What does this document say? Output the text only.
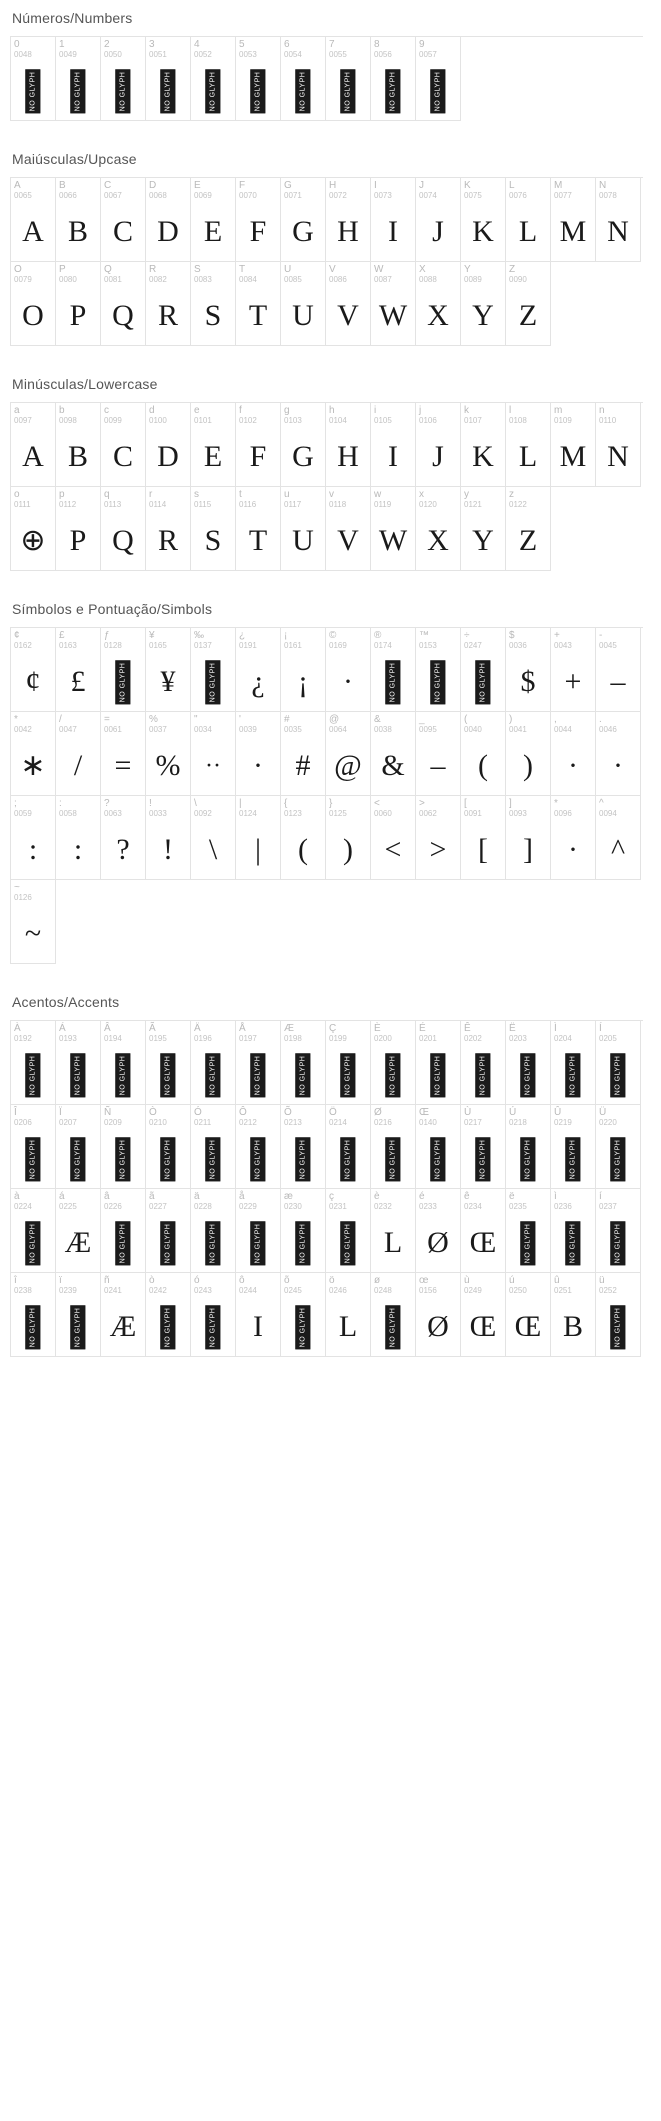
Números/Numbers
0
0048
NO GLYPH
1
0049
NO GLYPH
2
0050
NO GLYPH
3
0051
NO GLYPH
4
0052
NO GLYPH
5
0053
NO GLYPH
6
0054
NO GLYPH
7
0055
NO GLYPH
8
0056
NO GLYPH
9
0057
NO GLYPH
Maiúsculas/Upcase
A
0065
A
B
0066
B
C
0067
C
D
0068
D
E
0069
E
F
0070
F
G
0071
G
H
0072
H
I
0073
I
J
0074
J
K
0075
K
L
0076
L
M
0077
M
N
0078
N
O
0079
O
P
0080
P
Q
0081
Q
R
0082
R
S
0083
S
T
0084
T
U
0085
U
V
0086
V
W
0087
W
X
0088
X
Y
0089
Y
Z
0090
Z
Minúsculas/Lowercase
a
0097
A
b
0098
B
c
0099
C
d
0100
D
e
0101
E
f
0102
F
g
0103
G
h
0104
H
i
0105
I
j
0106
J
k
0107
K
l
0108
L
m
0109
M
n
0110
N
o
0111
⊕
p
0112
P
q
0113
Q
r
0114
R
s
0115
S
t
0116
T
u
0117
U
v
0118
V
w
0119
W
x
0120
X
y
0121
Y
z
0122
Z
Símbolos e Pontuação/Simbols
¢
0162
¢
£
0163
£
ƒ
0128
NO GLYPH
¥
0165
¥
‰
0137
NO GLYPH
¿
0191
¿
¡
0161
¡
©
0169
·
®
0174
NO GLYPH
™
0153
NO GLYPH
÷
0247
NO GLYPH
$
0036
$
+
0043
+
-
0045
–
*
0042
∗
/
0047
/
=
0061
=
%
0037
%
"
0034
··
'
0039
·
#
0035
#
@
0064
@
&
0038
&
_
0095
–
(
0040
(
)
0041
)
,
0044
·
.
0046
·
;
0059
:
:
0058
:
?
0063
?
!
0033
!
\
0092
\
|
0124
|
{
0123
(
}
0125
)
<
0060
<
>
0062
>
[
0091
[
]
0093
]
*
0096
·
^
0094
^
~
0126
~
Acentos/Accents
À
0192
NO GLYPH
Á
0193
NO GLYPH
Â
0194
NO GLYPH
Ã
0195
NO GLYPH
Ä
0196
NO GLYPH
Å
0197
NO GLYPH
Æ
0198
NO GLYPH
Ç
0199
NO GLYPH
È
0200
NO GLYPH
É
0201
NO GLYPH
Ê
0202
NO GLYPH
Ë
0203
NO GLYPH
Ì
0204
NO GLYPH
Í
0205
NO GLYPH
Î
0206
NO GLYPH
Ï
0207
NO GLYPH
Ñ
0209
NO GLYPH
Ò
0210
NO GLYPH
Ó
0211
NO GLYPH
Ô
0212
NO GLYPH
Õ
0213
NO GLYPH
Ö
0214
NO GLYPH
Ø
0216
NO GLYPH
Œ
0140
NO GLYPH
Ù
0217
NO GLYPH
Ú
0218
NO GLYPH
Û
0219
NO GLYPH
Ü
0220
NO GLYPH
à
0224
NO GLYPH
á
0225
Æ
â
0226
NO GLYPH
ã
0227
NO GLYPH
ä
0228
NO GLYPH
å
0229
NO GLYPH
æ
0230
NO GLYPH
ç
0231
NO GLYPH
è
0232
L
é
0233
Ø
ê
0234
Œ
ë
0235
NO GLYPH
ì
0236
NO GLYPH
í
0237
NO GLYPH
î
0238
NO GLYPH
ï
0239
NO GLYPH
ñ
0241
Æ
ò
0242
NO GLYPH
ó
0243
NO GLYPH
ô
0244
I
õ
0245
NO GLYPH
ö
0246
L
ø
0248
NO GLYPH
œ
0156
Ø
ù
0249
Œ
ú
0250
Œ
û
0251
B
ü
0252
NO GLYPH
